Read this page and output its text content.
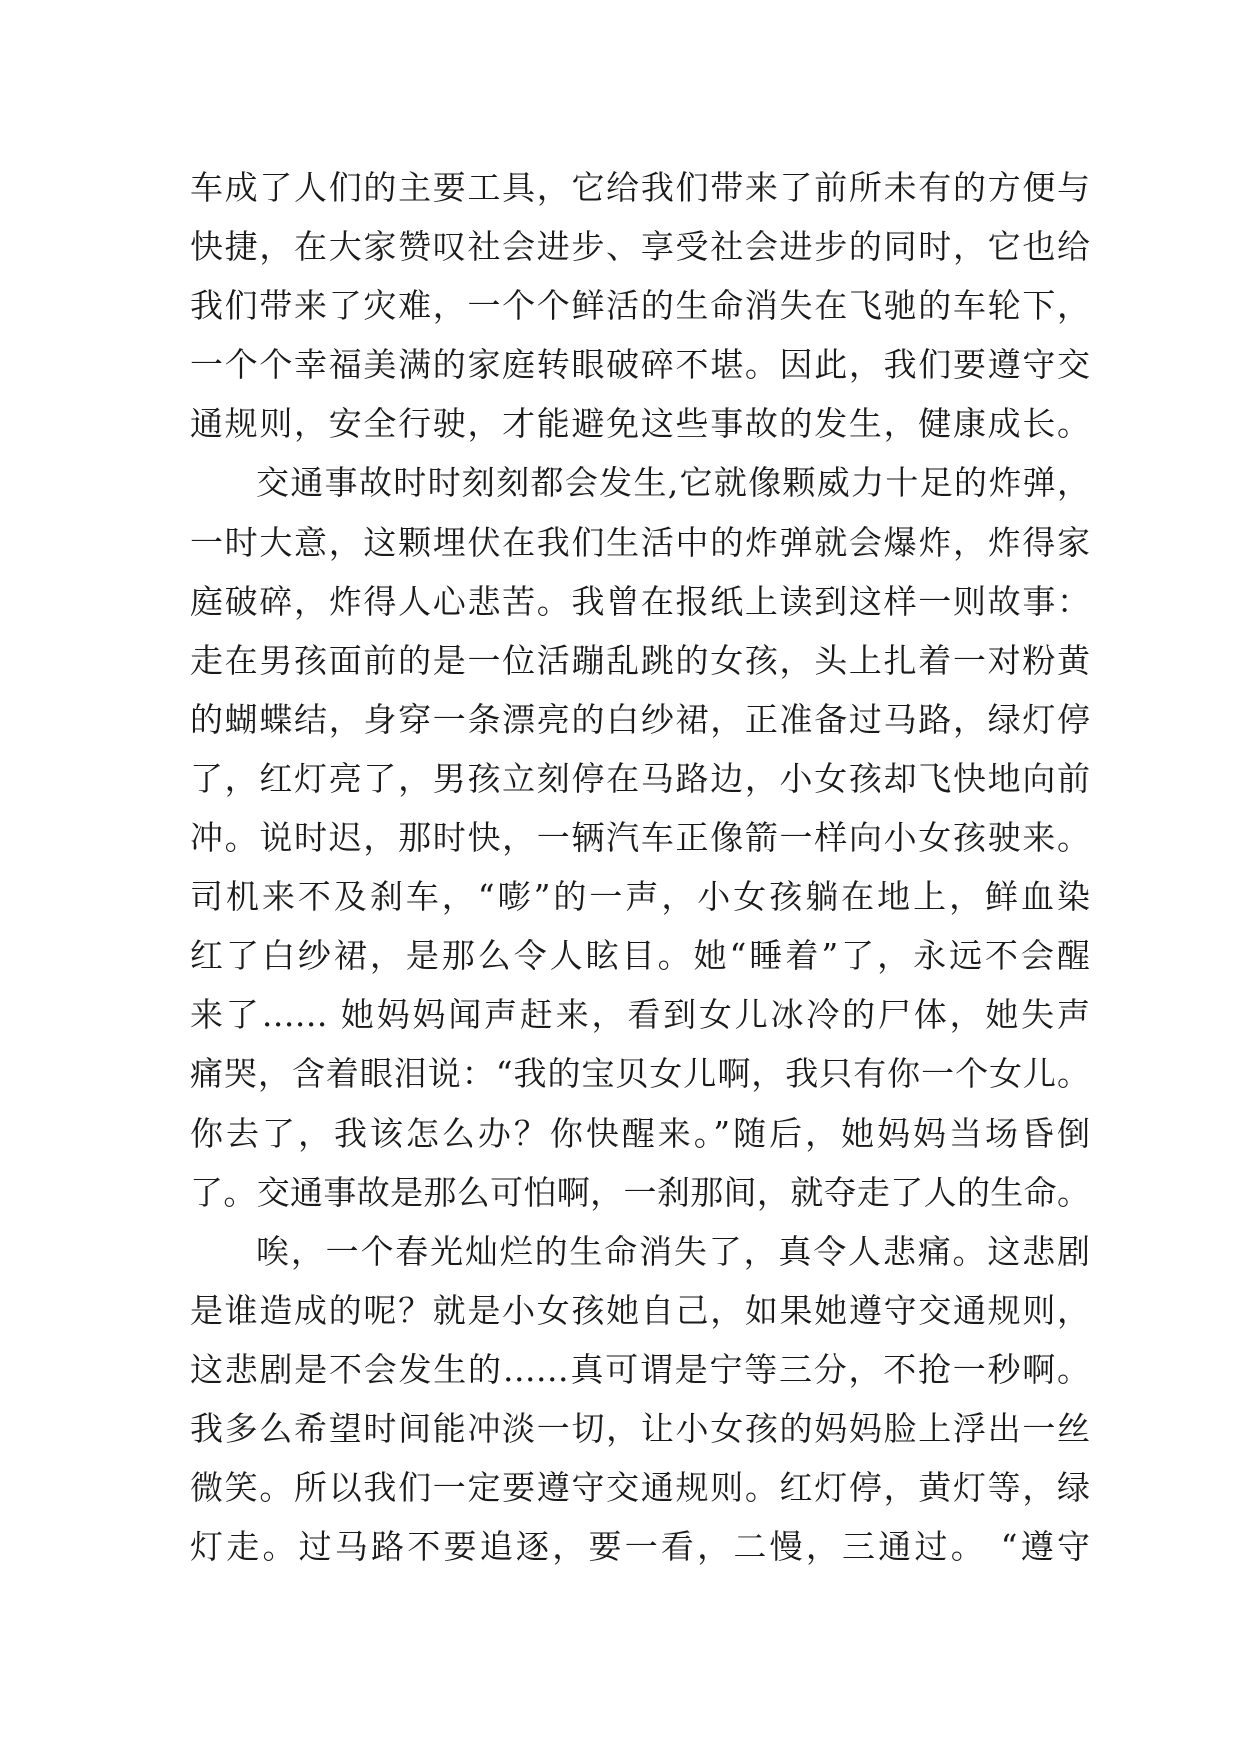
车成了人们的主要工具，它给我们带来了前所未有的方便与
快捷，在大家赞叹社会进步、享受社会进步的同时，它也给
我们带来了灾难，一个个鲜活的生命消失在飞驰的车轮下，
一个个幸福美满的家庭转眼破碎不堪。因此，我们要遵守交
通规则，安全行驶，才能避免这些事故的发生，健康成长。
交通事故时时刻刻都会发生,它就像颗威力十足的炸弹，
一时大意，这颗埋伏在我们生活中的炸弹就会爆炸，炸得家
庭破碎，炸得人心悲苦。我曾在报纸上读到这样一则故事：
走在男孩面前的是一位活蹦乱跳的女孩，头上扎着一对粉黄
的蝴蝶结，身穿一条漂亮的白纱裙，正准备过马路，绿灯停
了，红灯亮了，男孩立刻停在马路边，小女孩却飞快地向前
冲。说时迟，那时快，一辆汽车正像箭一样向小女孩驶来。
司机来不及刹车，“嘭”的一声，小女孩躺在地上，鲜血染
红了白纱裙，是那么令人眩目。她“睡着”了，永远不会醒
来了…… 她妈妈闻声赶来，看到女儿冰冷的尸体，她失声
痛哭，含着眼泪说：“我的宝贝女儿啊，我只有你一个女儿。
你去了，我该怎么办？你快醒来。”随后，她妈妈当场昏倒
了。交通事故是那么可怕啊，一刹那间，就夺走了人的生命。
唉，一个春光灿烂的生命消失了，真令人悲痛。这悲剧
是谁造成的呢？就是小女孩她自己，如果她遵守交通规则，
这悲剧是不会发生的……真可谓是宁等三分，不抢一秒啊。
我多么希望时间能冲淡一切，让小女孩的妈妈脸上浮出一丝
微笑。所以我们一定要遵守交通规则。红灯停，黄灯等，绿
灯走。过马路不要追逐，要一看，二慢，三通过。 “遵守
